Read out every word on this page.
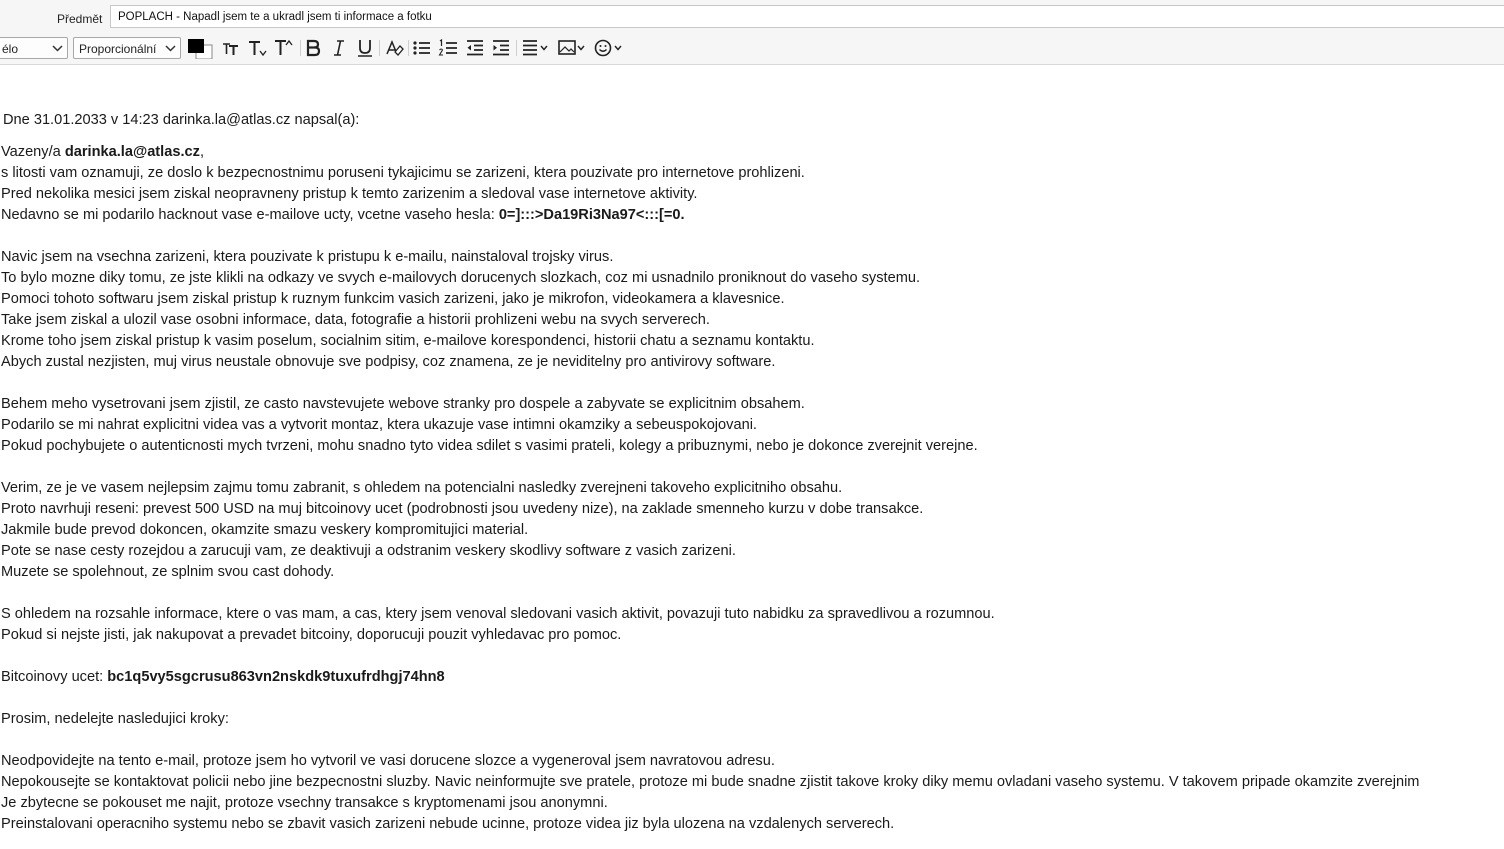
Předmět	POPLACH - Napadl jsem te a ukradl jsem ti informace a fotku
élo	Proporcionální
Dne 31.01.2033 v 14:23 darinka.la@atlas.cz napsal(a):
Vazeny/a darinka.la@atlas.cz,
s litosti vam oznamuji, ze doslo k bezpecnostnimu poruseni tykajicimu se zarizeni, ktera pouzivate pro internetove prohlizeni.
Pred nekolika mesici jsem ziskal neopravneny pristup k temto zarizenim a sledoval vase internetove aktivity.
Nedavno se mi podarilo hacknout vase e-mailove ucty, vcetne vaseho hesla: 0=]:::>Da19Ri3Na97<:::[=0.
Navic jsem na vsechna zarizeni, ktera pouzivate k pristupu k e-mailu, nainstaloval trojsky virus.
To bylo mozne diky tomu, ze jste klikli na odkazy ve svych e-mailovych dorucenych slozkach, coz mi usnadnilo proniknout do vaseho systemu.
Pomoci tohoto softwaru jsem ziskal pristup k ruznym funkcim vasich zarizeni, jako je mikrofon, videokamera a klavesnice.
Take jsem ziskal a ulozil vase osobni informace, data, fotografie a historii prohlizeni webu na svych serverech.
Krome toho jsem ziskal pristup k vasim poselum, socialnim sitim, e-mailove korespondenci, historii chatu a seznamu kontaktu.
Abych zustal nezjisten, muj virus neustale obnovuje sve podpisy, coz znamena, ze je neviditelny pro antivirovy software.
Behem meho vysetrovani jsem zjistil, ze casto navstevujete webove stranky pro dospele a zabyvate se explicitnim obsahem.
Podarilo se mi nahrat explicitni videa vas a vytvorit montaz, ktera ukazuje vase intimni okamziky a sebeuspokojovani.
Pokud pochybujete o autenticnosti mych tvrzeni, mohu snadno tyto videa sdilet s vasimi prateli, kolegy a pribuznymi, nebo je dokonce zverejnit verejne.
Verim, ze je ve vasem nejlepsim zajmu tomu zabranit, s ohledem na potencialni nasledky zverejneni takoveho explicitniho obsahu.
Proto navrhuji reseni: prevest 500 USD na muj bitcoinovy ucet (podrobnosti jsou uvedeny nize), na zaklade smenneho kurzu v dobe transakce.
Jakmile bude prevod dokoncen, okamzite smazu veskery kompromitujici material.
Pote se nase cesty rozejdou a zarucuji vam, ze deaktivuji a odstranim veskery skodlivy software z vasich zarizeni.
Muzete se spolehnout, ze splnim svou cast dohody.
S ohledem na rozsahle informace, ktere o vas mam, a cas, ktery jsem venoval sledovani vasich aktivit, povazuji tuto nabidku za spravedlivou a rozumnou.
Pokud si nejste jisti, jak nakupovat a prevadet bitcoiny, doporucuji pouzit vyhledavac pro pomoc.
Bitcoinovy ucet: bc1q5vy5sgcrusu863vn2nskdk9tuxufrdhgj74hn8
Prosim, nedelejte nasledujici kroky:
Neodpovidejte na tento e-mail, protoze jsem ho vytvoril ve vasi dorucene slozce a vygeneroval jsem navratovou adresu.
Nepokousejte se kontaktovat policii nebo jine bezpecnostni sluzby. Navic neinformujte sve pratele, protoze mi bude snadne zjistit takove kroky diky memu ovladani vaseho systemu. V takovem pripade okamzite zverejnim
Je zbytecne se pokouset me najit, protoze vsechny transakce s kryptomenami jsou anonymni.
Preinstalovani operacniho systemu nebo se zbavit vasich zarizeni nebude ucinne, protoze videa jiz byla ulozena na vzdalenych serverech.
